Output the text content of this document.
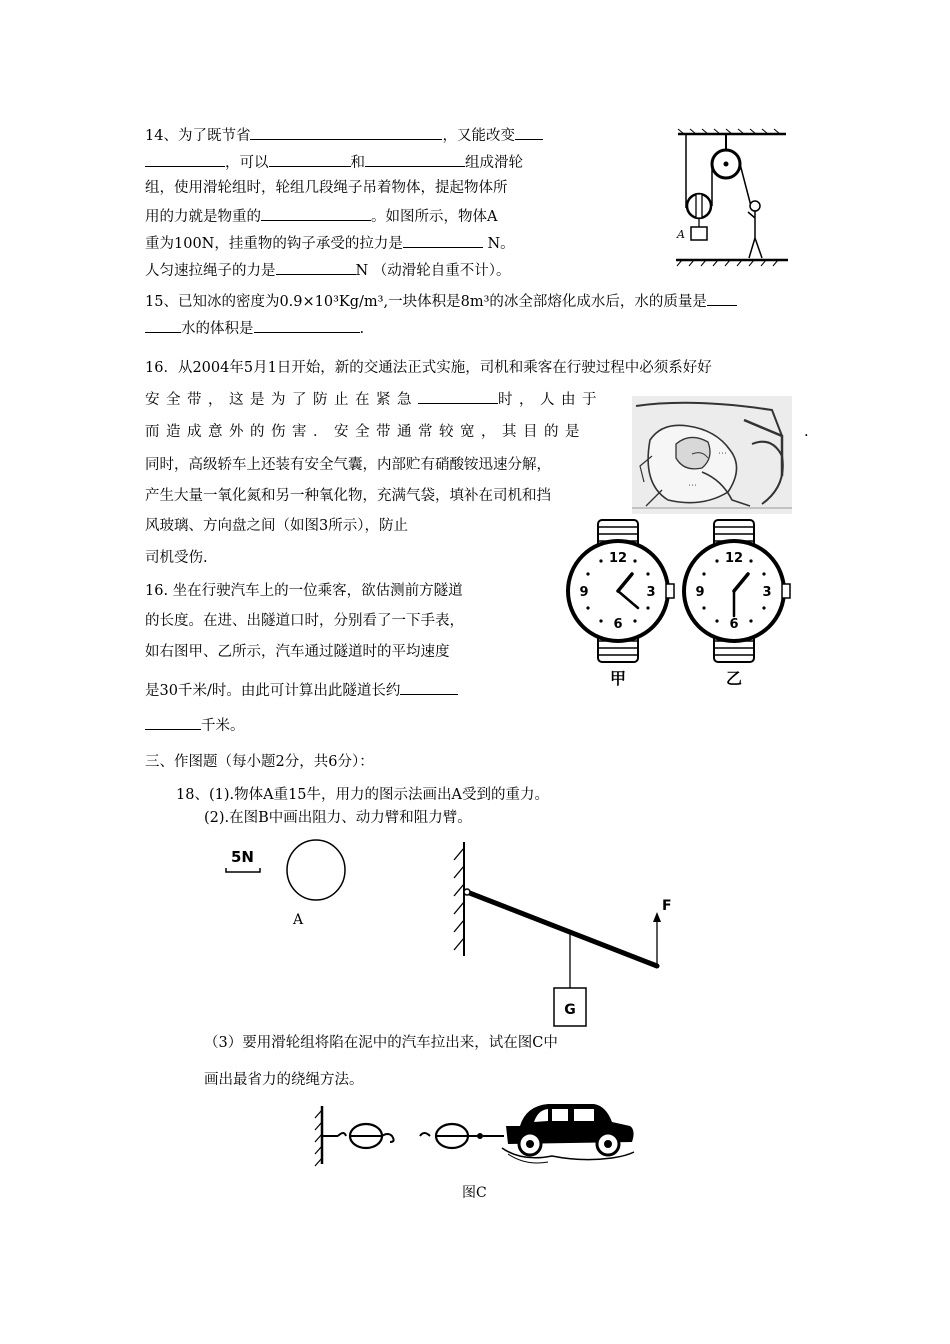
14、为了既节省	，又能改变
，可以	和	组成滑轮
组，使用滑轮组时，轮组几段绳子吊着物体，提起物体所
用的力就是物重的	。如图所示，物体A
重为100N，挂重物的钩子承受的拉力是	N。
人匀速拉绳子的力是	N （动滑轮自重不计）。
A
15、已知冰的密度为0.9×10³Kg/m³,一块体积是8m³的冰全部熔化成水后，水的质量是
水的体积是	.
16．从2004年5月1日开始，新的交通法正式实施，司机和乘客在行驶过程中必须系好好
安全带，这是为了防止在紧急	时，人由于
而造成意外的伤害．安全带通常较宽，其目的是	.
同时，高级轿车上还装有安全气囊，内部贮有硝酸铵迅速分解，
产生大量一氧化氮和另一种氧化物，充满气袋，填补在司机和挡
风玻璃、方向盘之间（如图3所示），防止
司机受伤.
⋯
⋯
16. 坐在行驶汽车上的一位乘客，欲估测前方隧道
的长度。在进、出隧道口时，分别看了一下手表，
如右图甲、乙所示，汽车通过隧道时的平均速度
是30千米/时。由此可计算出此隧道长约
千米。
12
3
6
9
甲
12
3
6
9
乙
三、作图题（每小题2分，共6分）：
18、(1).物体A重15牛，用力的图示法画出A受到的重力。
(2).在图B中画出阻力、动力臂和阻力臂。
5N
A
G
F
（3）要用滑轮组将陷在泥中的汽车拉出来，试在图C中
画出最省力的绕绳方法。
图C
